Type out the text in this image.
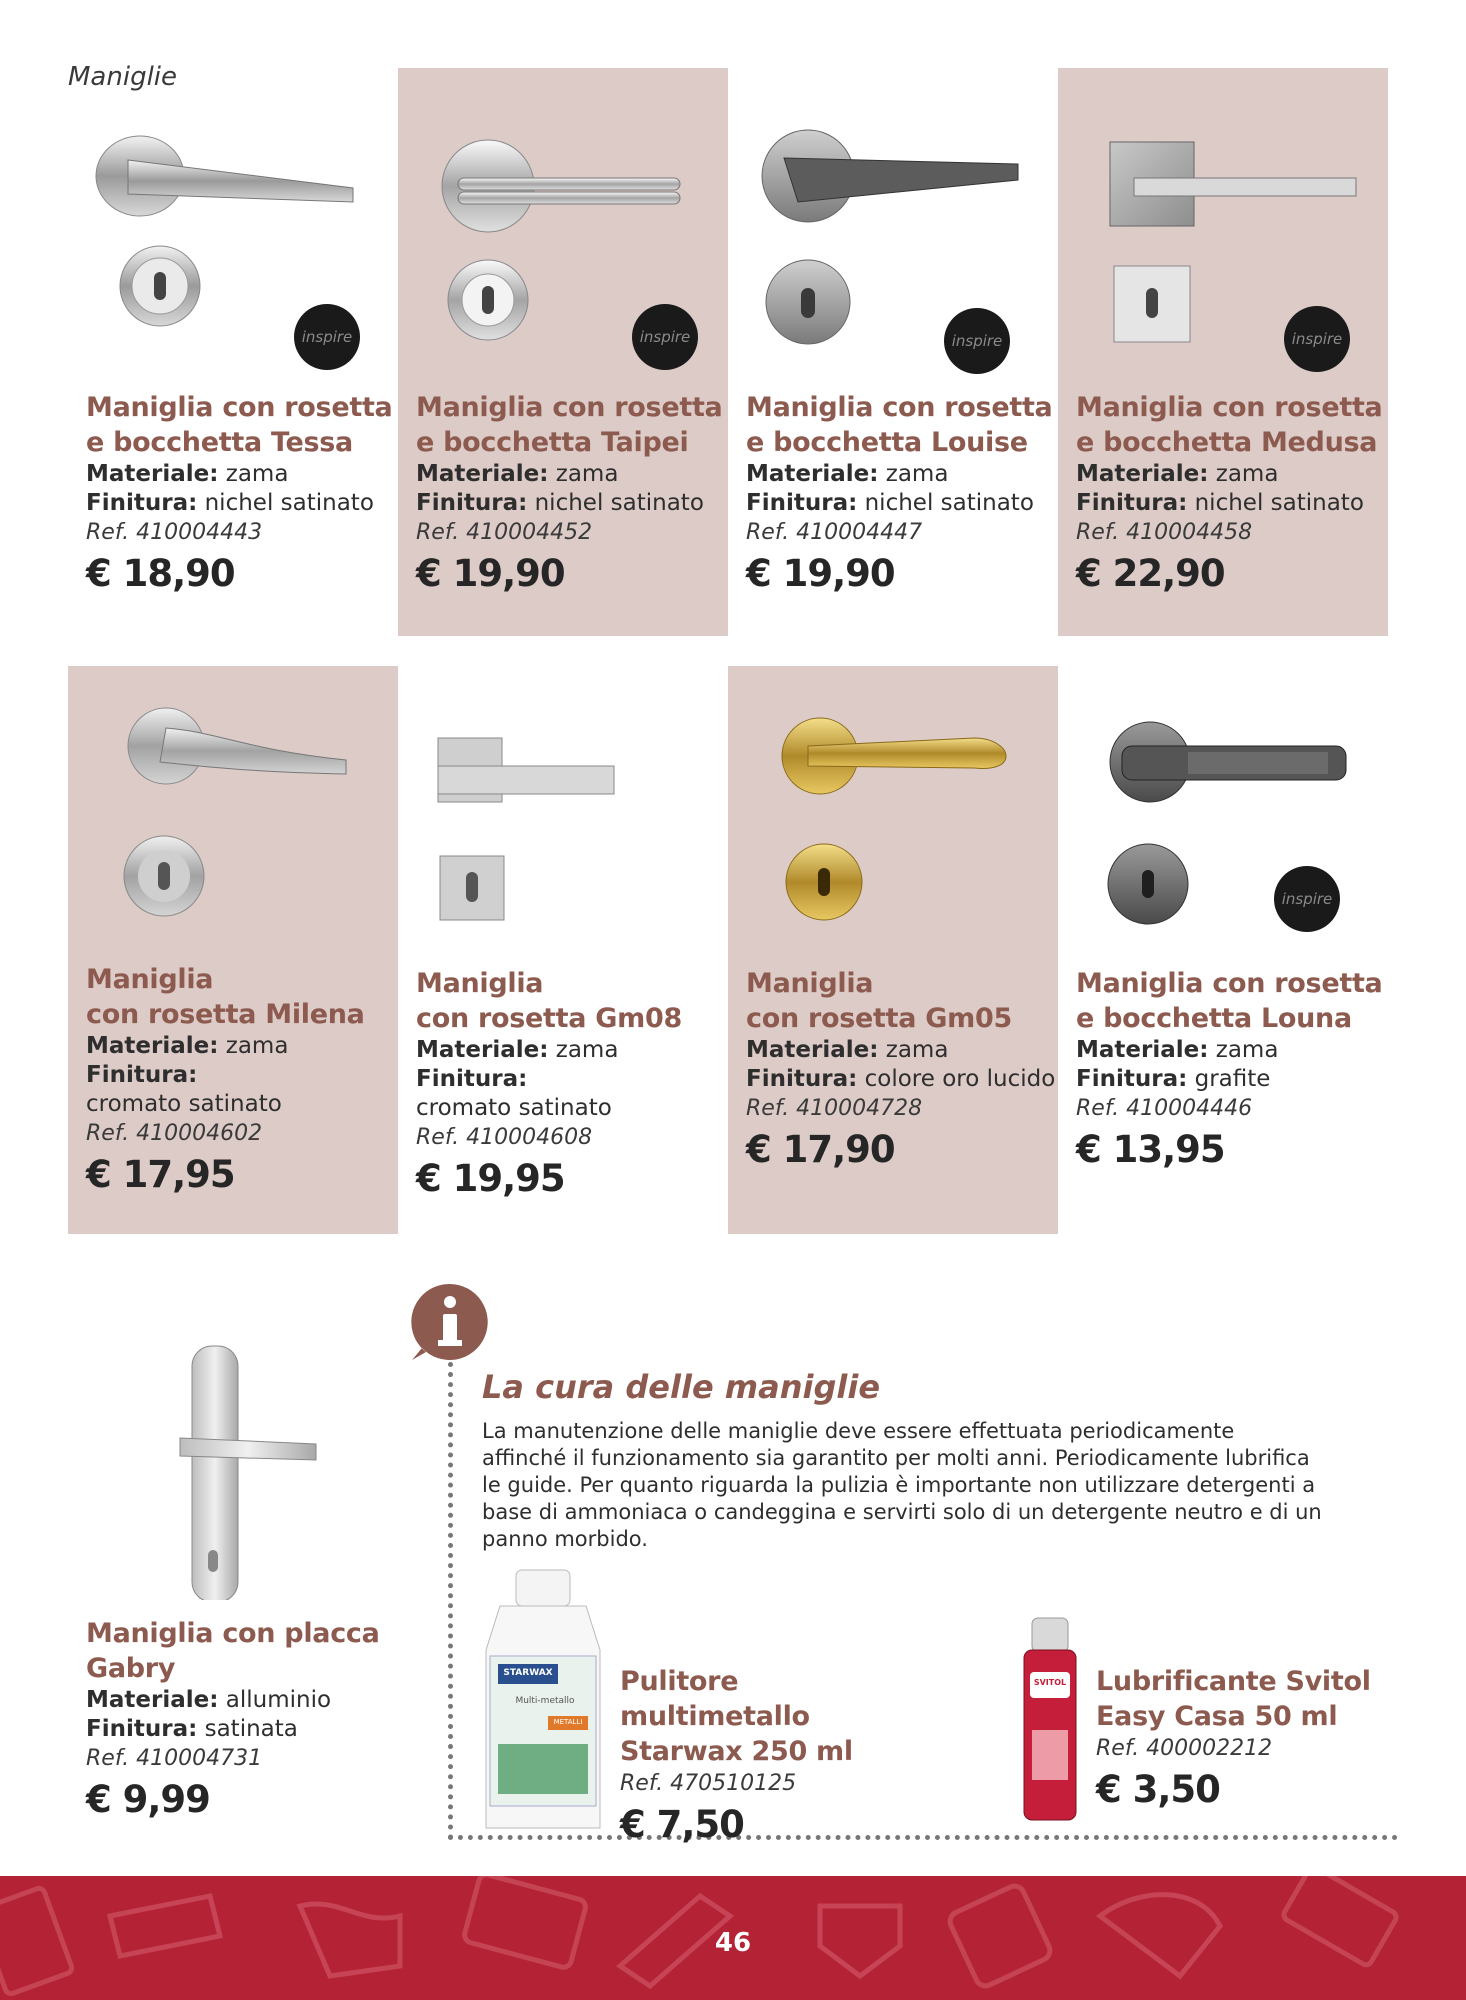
Maniglie
inspire
Maniglia con rosetta
e bocchetta Tessa
Materiale: zama
Finitura: nichel satinato
Ref. 410004443
€ 18,90
inspire
Maniglia con rosetta
e bocchetta Taipei
Materiale: zama
Finitura: nichel satinato
Ref. 410004452
€ 19,90
inspire
Maniglia con rosetta
e bocchetta Louise
Materiale: zama
Finitura: nichel satinato
Ref. 410004447
€ 19,90
inspire
Maniglia con rosetta
e bocchetta Medusa
Materiale: zama
Finitura: nichel satinato
Ref. 410004458
€ 22,90
Maniglia
con rosetta Milena
Materiale: zama
Finitura:
cromato satinato
Ref. 410004602
€ 17,95
Maniglia
con rosetta Gm08
Materiale: zama
Finitura:
cromato satinato
Ref. 410004608
€ 19,95
Maniglia
con rosetta Gm05
Materiale: zama
Finitura: colore oro lucido
Ref. 410004728
€ 17,90
inspire
Maniglia con rosetta
e bocchetta Louna
Materiale: zama
Finitura: grafite
Ref. 410004446
€ 13,95
Maniglia con placca
Gabry
Materiale: alluminio
Finitura: satinata
Ref. 410004731
€ 9,99
La cura delle maniglie
La manutenzione delle maniglie deve essere effettuata periodicamente affinché il funzionamento sia garantito per molti anni. Periodicamente lubrifica le guide. Per quanto riguarda la pulizia è importante non utilizzare detergenti a base di ammoniaca o candeggina e servirti solo di un detergente neutro e di un panno morbido.
STARWAX
Multi-metallo
METALLI
Pulitore multimetallo
Starwax 250 ml
Ref. 470510125
€ 7,50
SVITOL Lubrificante Svitol
Easy Casa 50 ml
Ref. 400002212
€ 3,50
46
